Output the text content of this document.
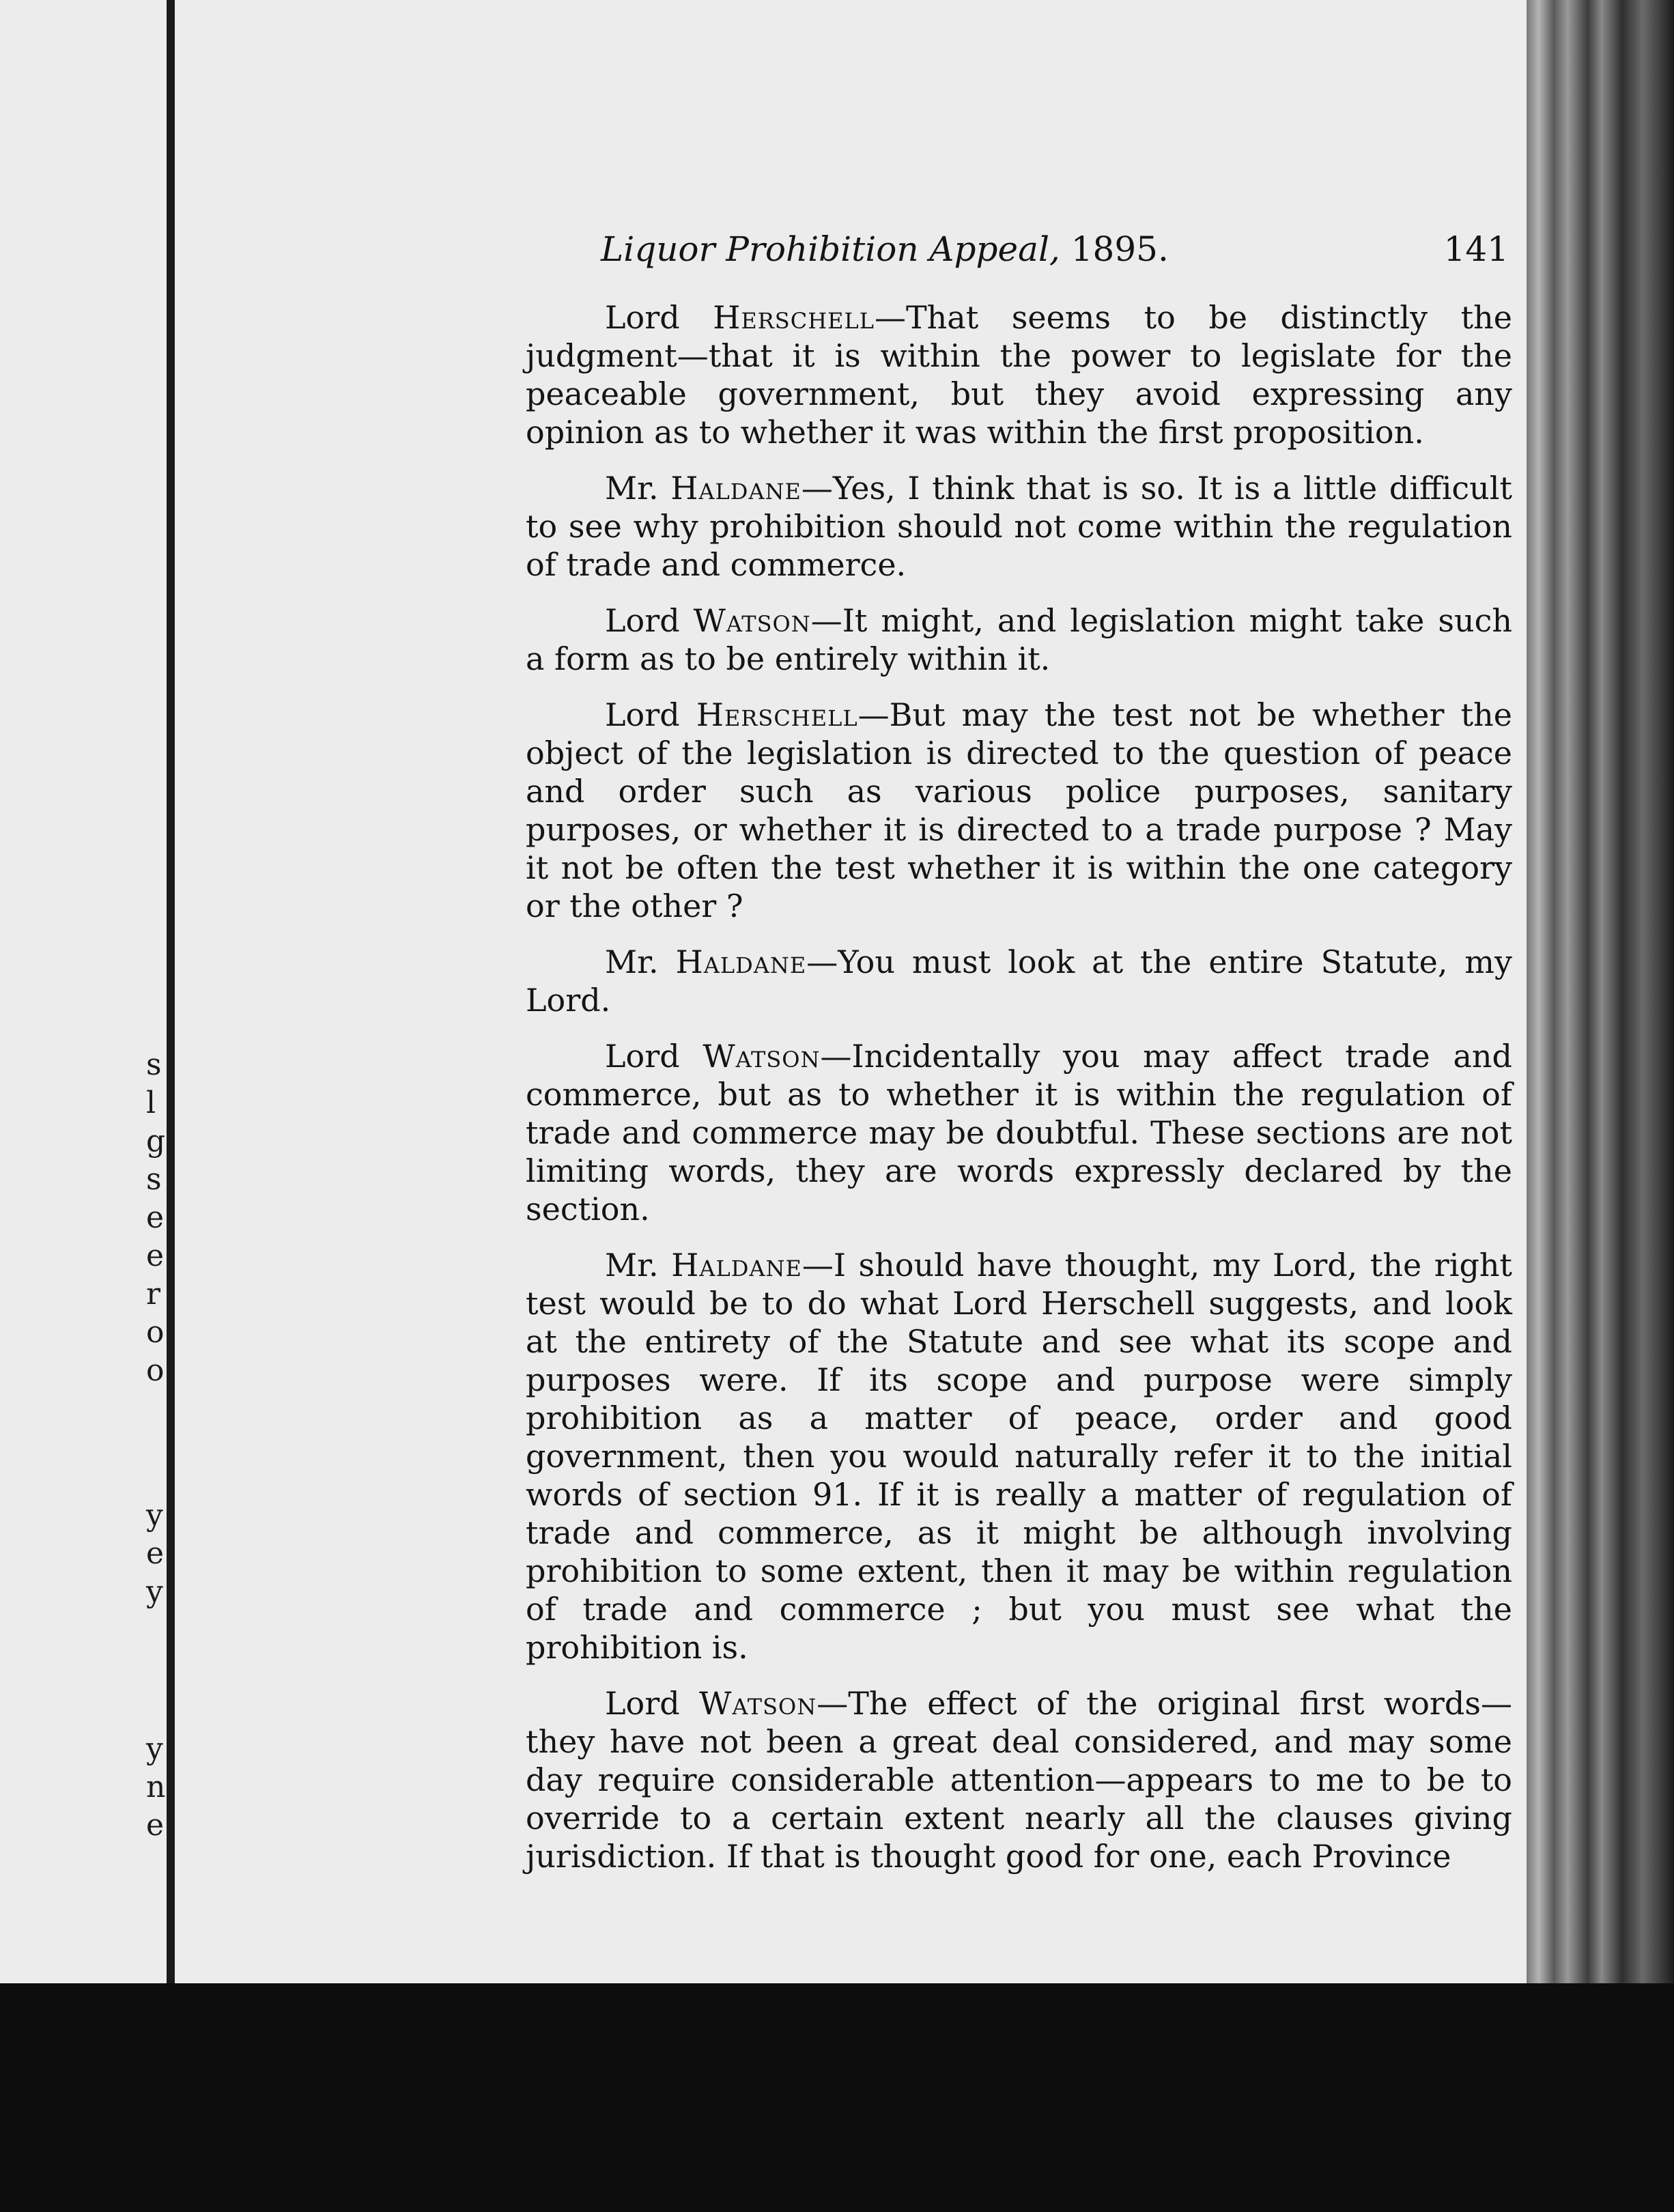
s
l
g
s
e
e
r
o
o
y
e
y
y
n
e
Liquor Prohibition Appeal, 1895.	141

Lord Herschell—That seems to be distinctly the judgment—that it is within the power to legislate for the peaceable government, but they avoid expressing any opinion as to whether it was within the first proposition.

Mr. Haldane—Yes, I think that is so. It is a little difficult to see why prohibition should not come within the regulation of trade and commerce.

Lord Watson—It might, and legislation might take such a form as to be entirely within it.

Lord Herschell—But may the test not be whether the object of the legislation is directed to the question of peace and order such as various police purposes, sanitary purposes, or whether it is directed to a trade purpose ? May it not be often the test whether it is within the one category or the other ?

Mr. Haldane—You must look at the entire Statute, my Lord.

Lord Watson—Incidentally you may affect trade and commerce, but as to whether it is within the regulation of trade and commerce may be doubtful. These sections are not limiting words, they are words expressly declared by the section.

Mr. Haldane—I should have thought, my Lord, the right test would be to do what Lord Herschell suggests, and look at the entirety of the Statute and see what its scope and purposes were. If its scope and purpose were simply prohibition as a matter of peace, order and good government, then you would naturally refer it to the initial words of section 91. If it is really a matter of regulation of trade and commerce, as it might be although involving prohibition to some extent, then it may be within regulation of trade and commerce ; but you must see what the prohibition is.

Lord Watson—The effect of the original first words—they have not been a great deal considered, and may some day require considerable attention—appears to me to be to override to a certain extent nearly all the clauses giving jurisdiction. If that is thought good for one, each Province
